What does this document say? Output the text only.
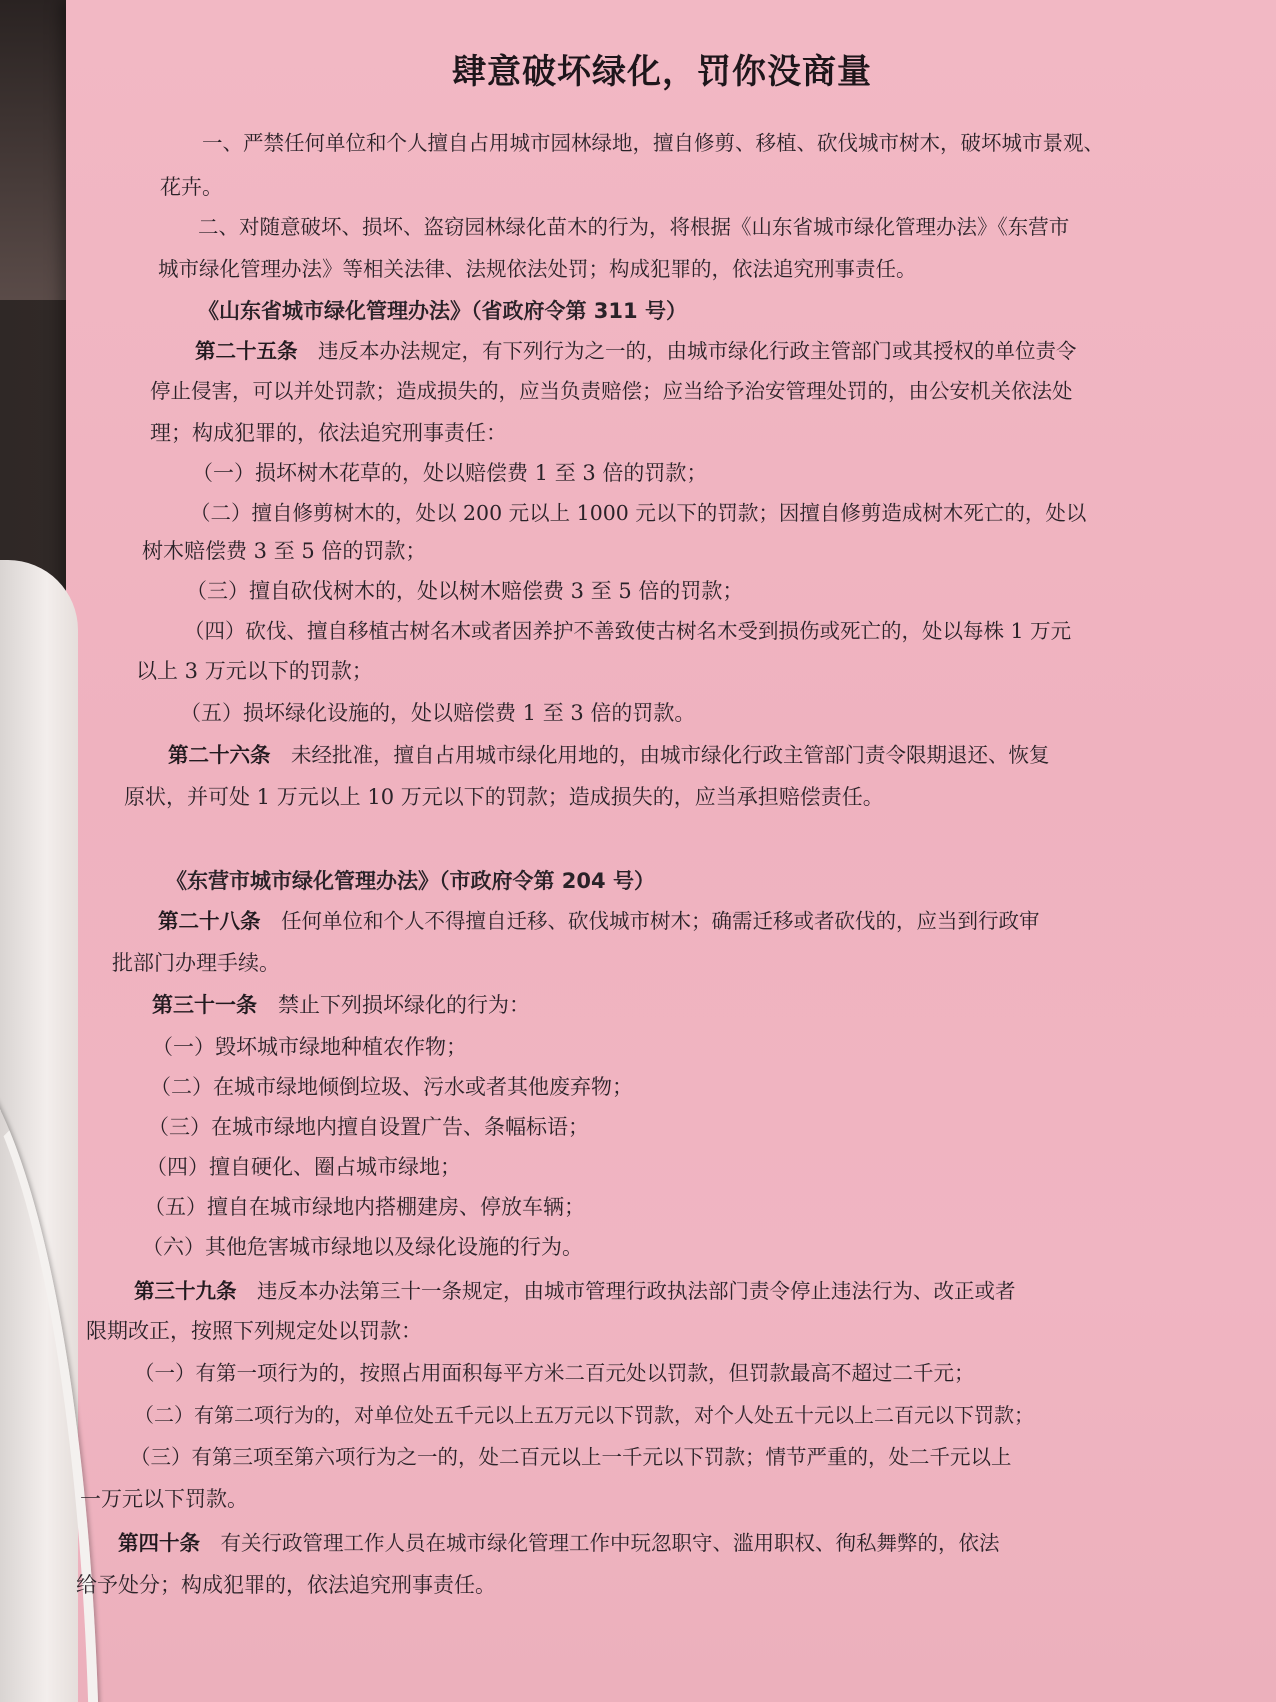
肆意破坏绿化，罚你没商量
一、严禁任何单位和个人擅自占用城市园林绿地，擅自修剪、移植、砍伐城市树木，破坏城市景观、
花卉。
二、对随意破坏、损坏、盗窃园林绿化苗木的行为，将根据《山东省城市绿化管理办法》《东营市
城市绿化管理办法》等相关法律、法规依法处罚；构成犯罪的，依法追究刑事责任。
《山东省城市绿化管理办法》（省政府令第 311 号）
第二十五条　 违反本办法规定，有下列行为之一的，由城市绿化行政主管部门或其授权的单位责令
停止侵害，可以并处罚款；造成损失的，应当负责赔偿；应当给予治安管理处罚的，由公安机关依法处
理；构成犯罪的，依法追究刑事责任：
（一）损坏树木花草的，处以赔偿费 1 至 3 倍的罚款；
（二）擅自修剪树木的，处以 200 元以上 1000 元以下的罚款；因擅自修剪造成树木死亡的，处以
树木赔偿费 3 至 5 倍的罚款；
（三）擅自砍伐树木的，处以树木赔偿费 3 至 5 倍的罚款；
（四）砍伐、擅自移植古树名木或者因养护不善致使古树名木受到损伤或死亡的，处以每株 1 万元
以上 3 万元以下的罚款；
（五）损坏绿化设施的，处以赔偿费 1 至 3 倍的罚款。
第二十六条　 未经批准，擅自占用城市绿化用地的，由城市绿化行政主管部门责令限期退还、恢复
原状，并可处 1 万元以上 10 万元以下的罚款；造成损失的，应当承担赔偿责任。
《东营市城市绿化管理办法》（市政府令第 204 号）
第二十八条　 任何单位和个人不得擅自迁移、砍伐城市树木；确需迁移或者砍伐的，应当到行政审
批部门办理手续。
第三十一条　 禁止下列损坏绿化的行为：
（一）毁坏城市绿地种植农作物；
（二）在城市绿地倾倒垃圾、污水或者其他废弃物；
（三）在城市绿地内擅自设置广告、条幅标语；
（四）擅自硬化、圈占城市绿地；
（五）擅自在城市绿地内搭棚建房、停放车辆；
（六）其他危害城市绿地以及绿化设施的行为。
第三十九条　 违反本办法第三十一条规定，由城市管理行政执法部门责令停止违法行为、改正或者
限期改正，按照下列规定处以罚款：
（一）有第一项行为的，按照占用面积每平方米二百元处以罚款，但罚款最高不超过二千元；
（二）有第二项行为的，对单位处五千元以上五万元以下罚款，对个人处五十元以上二百元以下罚款；
（三）有第三项至第六项行为之一的，处二百元以上一千元以下罚款；情节严重的，处二千元以上
一万元以下罚款。
第四十条　 有关行政管理工作人员在城市绿化管理工作中玩忽职守、滥用职权、徇私舞弊的，依法
给予处分；构成犯罪的，依法追究刑事责任。
